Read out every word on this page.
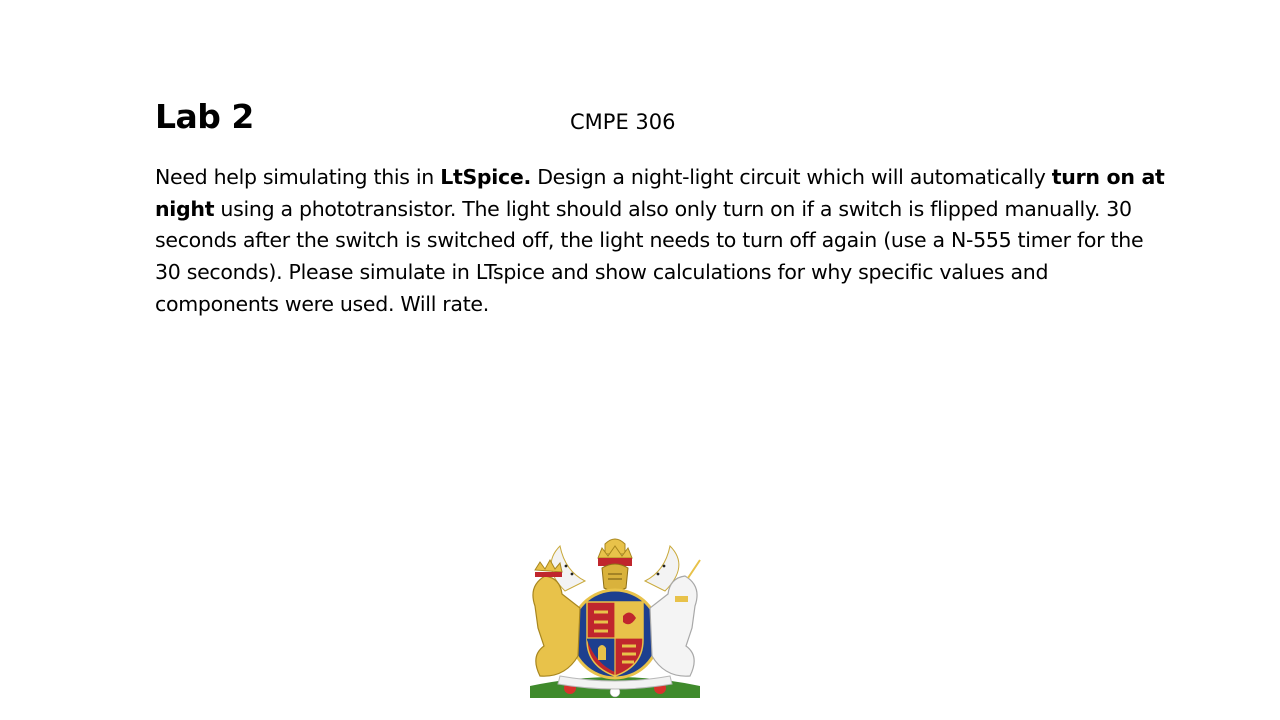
Lab 2	CMPE 306
Need help simulating this in LtSpice. Design a night-light circuit which will automatically turn on at
night using a phototransistor. The light should also only turn on if a switch is flipped manually. 30
seconds after the switch is switched off, the light needs to turn off again (use a N-555 timer for the
30 seconds). Please simulate in LTspice and show calculations for why specific values and
components were used. Will rate.
